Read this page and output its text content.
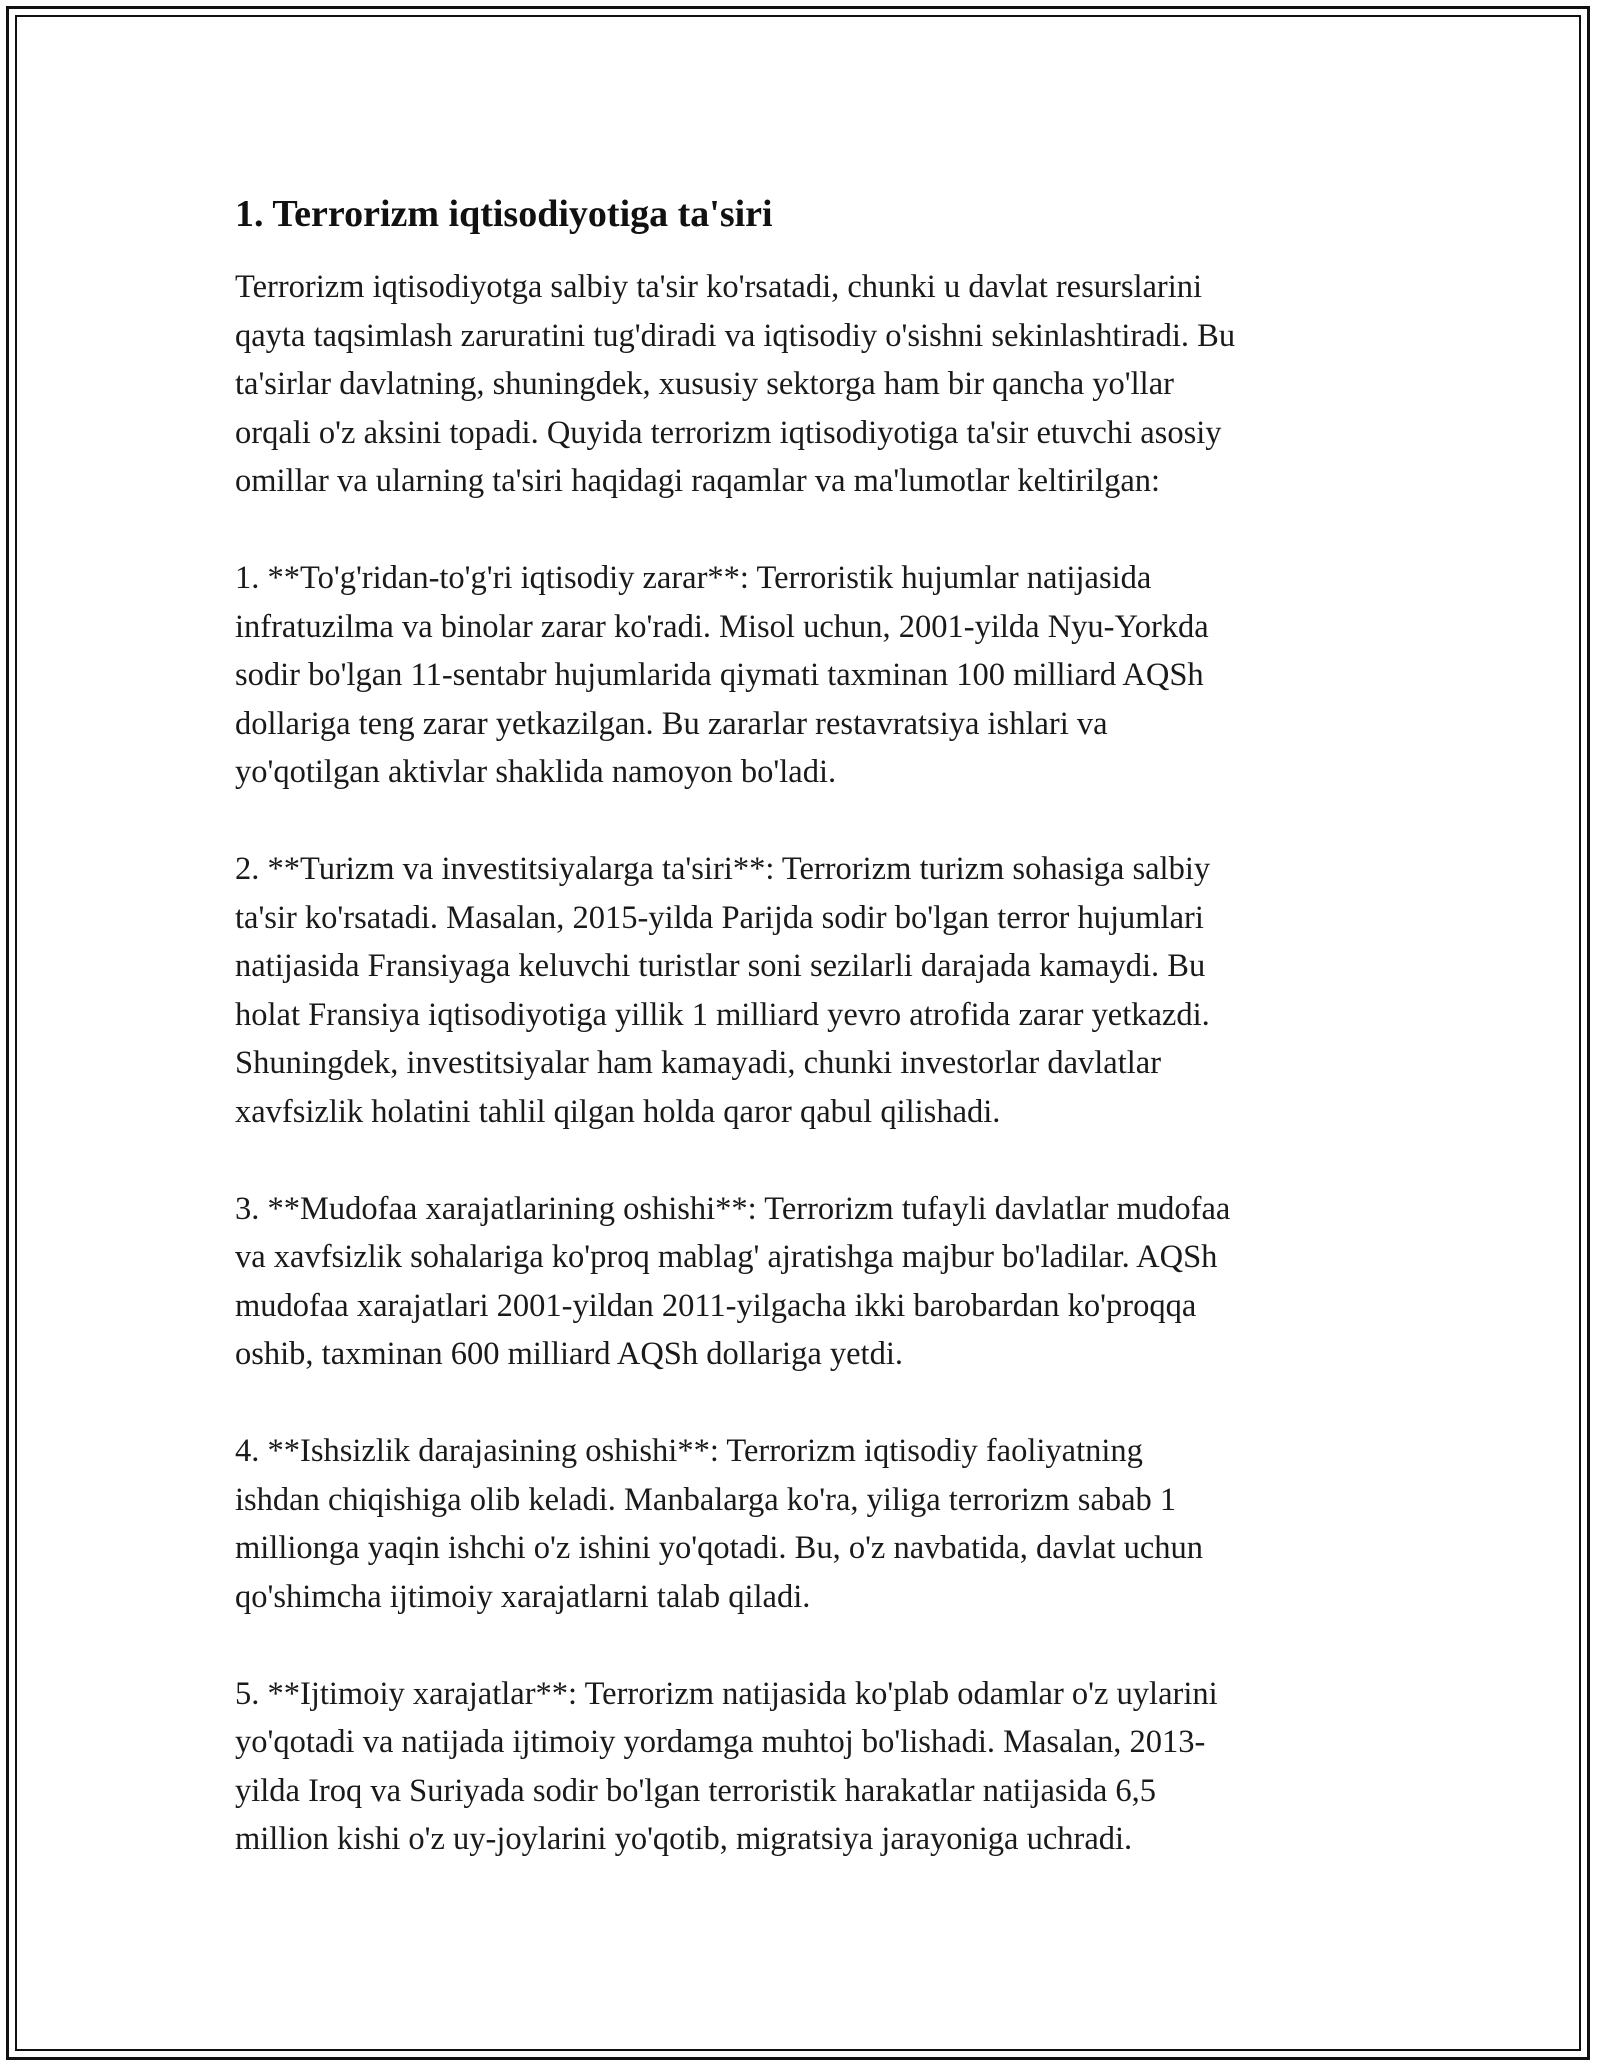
1. Terrorizm iqtisodiyotiga ta'siri

Terrorizm iqtisodiyotga salbiy ta'sir ko'rsatadi, chunki u davlat resurslarini
qayta taqsimlash zaruratini tug'diradi va iqtisodiy o'sishni sekinlashtiradi. Bu
ta'sirlar davlatning, shuningdek, xususiy sektorga ham bir qancha yo'llar
orqali o'z aksini topadi. Quyida terrorizm iqtisodiyotiga ta'sir etuvchi asosiy
omillar va ularning ta'siri haqidagi raqamlar va ma'lumotlar keltirilgan:

1. **To'g'ridan-to'g'ri iqtisodiy zarar**: Terroristik hujumlar natijasida
infratuzilma va binolar zarar ko'radi. Misol uchun, 2001-yilda Nyu-Yorkda
sodir bo'lgan 11-sentabr hujumlarida qiymati taxminan 100 milliard AQSh
dollariga teng zarar yetkazilgan. Bu zararlar restavratsiya ishlari va
yo'qotilgan aktivlar shaklida namoyon bo'ladi.

2. **Turizm va investitsiyalarga ta'siri**: Terrorizm turizm sohasiga salbiy
ta'sir ko'rsatadi. Masalan, 2015-yilda Parijda sodir bo'lgan terror hujumlari
natijasida Fransiyaga keluvchi turistlar soni sezilarli darajada kamaydi. Bu
holat Fransiya iqtisodiyotiga yillik 1 milliard yevro atrofida zarar yetkazdi.
Shuningdek, investitsiyalar ham kamayadi, chunki investorlar davlatlar
xavfsizlik holatini tahlil qilgan holda qaror qabul qilishadi.

3. **Mudofaa xarajatlarining oshishi**: Terrorizm tufayli davlatlar mudofaa
va xavfsizlik sohalariga ko'proq mablag' ajratishga majbur bo'ladilar. AQSh
mudofaa xarajatlari 2001-yildan 2011-yilgacha ikki barobardan ko'proqqa
oshib, taxminan 600 milliard AQSh dollariga yetdi.

4. **Ishsizlik darajasining oshishi**: Terrorizm iqtisodiy faoliyatning
ishdan chiqishiga olib keladi. Manbalarga ko'ra, yiliga terrorizm sabab 1
millionga yaqin ishchi o'z ishini yo'qotadi. Bu, o'z navbatida, davlat uchun
qo'shimcha ijtimoiy xarajatlarni talab qiladi.

5. **Ijtimoiy xarajatlar**: Terrorizm natijasida ko'plab odamlar o'z uylarini
yo'qotadi va natijada ijtimoiy yordamga muhtoj bo'lishadi. Masalan, 2013-
yilda Iroq va Suriyada sodir bo'lgan terroristik harakatlar natijasida 6,5
million kishi o'z uy-joylarini yo'qotib, migratsiya jarayoniga uchradi.
